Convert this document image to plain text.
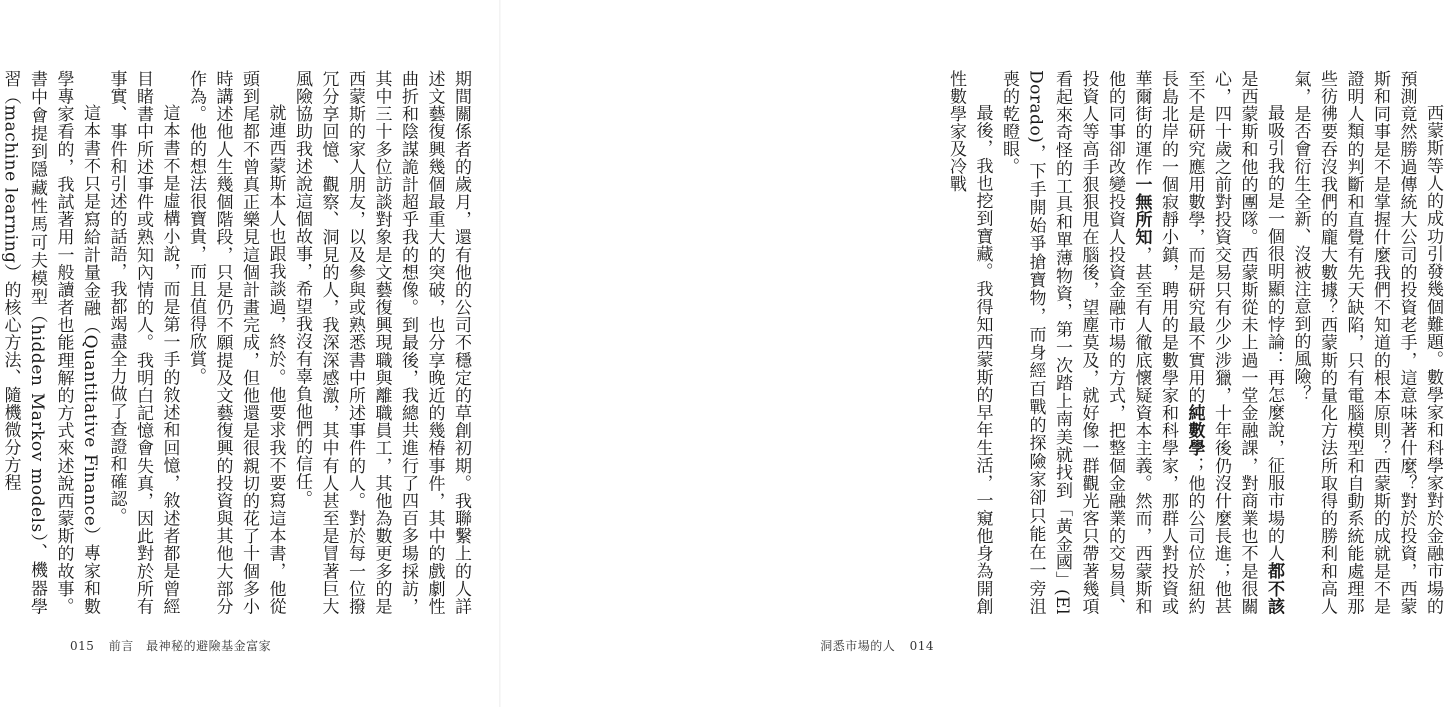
期間關係者的歲月，還有他的公司不穩定的草創初期。我聯繫上的人詳述文藝復興幾個最重大的突破，也分享晚近的幾椿事件，其中的戲劇性曲折和陰謀詭計超乎我的想像。到最後，我總共進行了四百多場採訪，其中三十多位訪談對象是文藝復興現職與離職員工，其他為數更多的是西蒙斯的家人朋友，以及參與或熟悉書中所述事件的人。對於每一位撥冗分享回憶、觀察、洞見的人，我深深感激，其中有人甚至是冒著巨大風險協助我述說這個故事，希望我沒有辜負他們的信任。

就連西蒙斯本人也跟我談過，終於。他要求我不要寫這本書，他從頭到尾都不曾真正樂見這個計畫完成，但他還是很親切的花了十個多小時講述他人生幾個階段，只是仍不願提及文藝復興的投資與其他大部分作為。他的想法很寶貴，而且值得欣賞。

這本書不是虛構小說，而是第一手的敘述和回憶，敘述者都是曾經目睹書中所述事件或熟知內情的人。我明白記憶會失真，因此對於所有事實、事件和引述的話語，我都竭盡全力做了查證和確認。

這本書不只是寫給計量金融（Quantitative Finance）專家和數學專家看的，我試著用一般讀者也能理解的方式來述說西蒙斯的故事。書中會提到隱藏性馬可夫模型（hidden Markov models）、機器學習（machine learning）的核心方法、隨機微分方程

015 前言 最神秘的避險基金富家

西蒙斯等人的成功引發幾個難題。數學家和科學家對於金融市場的預測竟然勝過傳統大公司的投資老手，這意味著什麼？對於投資，西蒙斯和同事是不是掌握什麼我們不知道的根本原則？西蒙斯的成就是不是證明人類的判斷和直覺有先天缺陷，只有電腦模型和自動系統能處理那些彷彿要吞沒我們的龐大數據？西蒙斯的量化方法所取得的勝利和高人氣，是否會衍生全新、沒被注意到的風險？

最吸引我的是一個很明顯的悖論：再怎麼說，征服市場的人都不該是西蒙斯和他的團隊。西蒙斯從未上過一堂金融課，對商業也不是很關心，四十歲之前對投資交易只有少少涉獵，十年後仍沒什麼長進；他甚至不是研究應用數學，而是研究最不實用的純數學；他的公司位於紐約長島北岸的一個寂靜小鎮，聘用的是數學家和科學家，那群人對投資或華爾街的運作一無所知，甚至有人徹底懷疑資本主義。然而，西蒙斯和他的同事卻改變投資人投資金融市場的方式，把整個金融業的交易員、投資人等高手狠狠甩在腦後，望塵莫及，就好像一群觀光客只帶著幾項看起來奇怪的工具和單薄物資，第一次踏上南美就找到「黃金國」(El Dorado)，下手開始爭搶寶物，而身經百戰的探險家卻只能在一旁沮喪的乾瞪眼。

最後，我也挖到寶藏。我得知西蒙斯的早年生活，一窺他身為開創性數學家及冷戰

洞悉市場的人 014
